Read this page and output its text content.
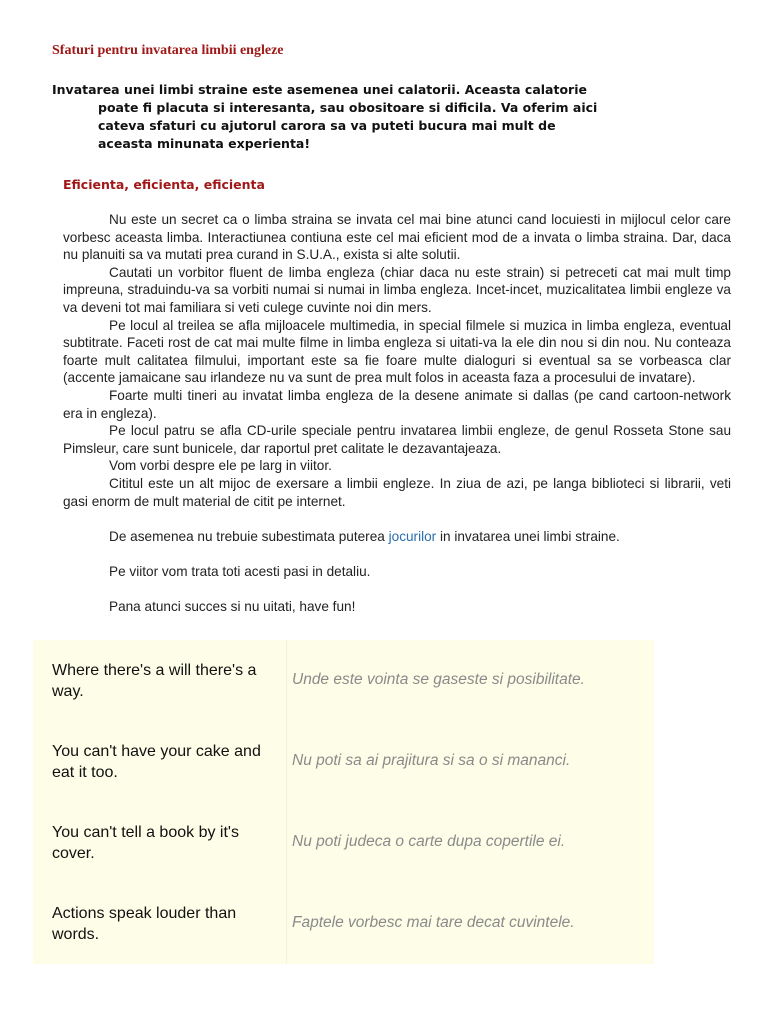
Sfaturi pentru invatarea limbii engleze

Invatarea unei limbi straine este asemenea unei calatorii. Aceasta calatorie poate fi placuta si interesanta, sau obositoare si dificila. Va oferim aici cateva sfaturi cu ajutorul carora sa va puteti bucura mai mult de aceasta minunata experienta!

Eficienta, eficienta, eficienta

Nu este un secret ca o limba straina se invata cel mai bine atunci cand locuiesti in mijlocul celor care vorbesc aceasta limba. Interactiunea contiuna este cel mai eficient mod de a invata o limba straina. Dar, daca nu planuiti sa va mutati prea curand in S.U.A., exista si alte solutii.

Cautati un vorbitor fluent de limba engleza (chiar daca nu este strain) si petreceti cat mai mult timp impreuna, straduindu-va sa vorbiti numai si numai in limba engleza. Incet-incet, muzicalitatea limbii engleze va va deveni tot mai familiara si veti culege cuvinte noi din mers.

Pe locul al treilea se afla mijloacele multimedia, in special filmele si muzica in limba engleza, eventual subtitrate. Faceti rost de cat mai multe filme in limba engleza si uitati-va la ele din nou si din nou. Nu conteaza foarte mult calitatea filmului, important este sa fie foare multe dialoguri si eventual sa se vorbeasca clar (accente jamaicane sau irlandeze nu va sunt de prea mult folos in aceasta faza a procesului de invatare).

Foarte multi tineri au invatat limba engleza de la desene animate si dallas (pe cand cartoon-network era in engleza).

Pe locul patru se afla CD-urile speciale pentru invatarea limbii engleze, de genul Rosseta Stone sau Pimsleur, care sunt bunicele, dar raportul pret calitate le dezavantajeaza.

Vom vorbi despre ele pe larg in viitor.

Cititul este un alt mijoc de exersare a limbii engleze. In ziua de azi, pe langa biblioteci si librarii, veti gasi enorm de mult material de citit pe internet.

De asemenea nu trebuie subestimata puterea jocurilor in invatarea unei limbi straine.

Pe viitor vom trata toti acesti pasi in detaliu.

Pana atunci succes si nu uitati, have fun!

Where there's a will there's a way.
Unde este vointa se gaseste si posibilitate.
You can't have your cake and eat it too.
Nu poti sa ai prajitura si sa o si mananci.
You can't tell a book by it's cover.
Nu poti judeca o carte dupa copertile ei.
Actions speak louder than words.
Faptele vorbesc mai tare decat cuvintele.
